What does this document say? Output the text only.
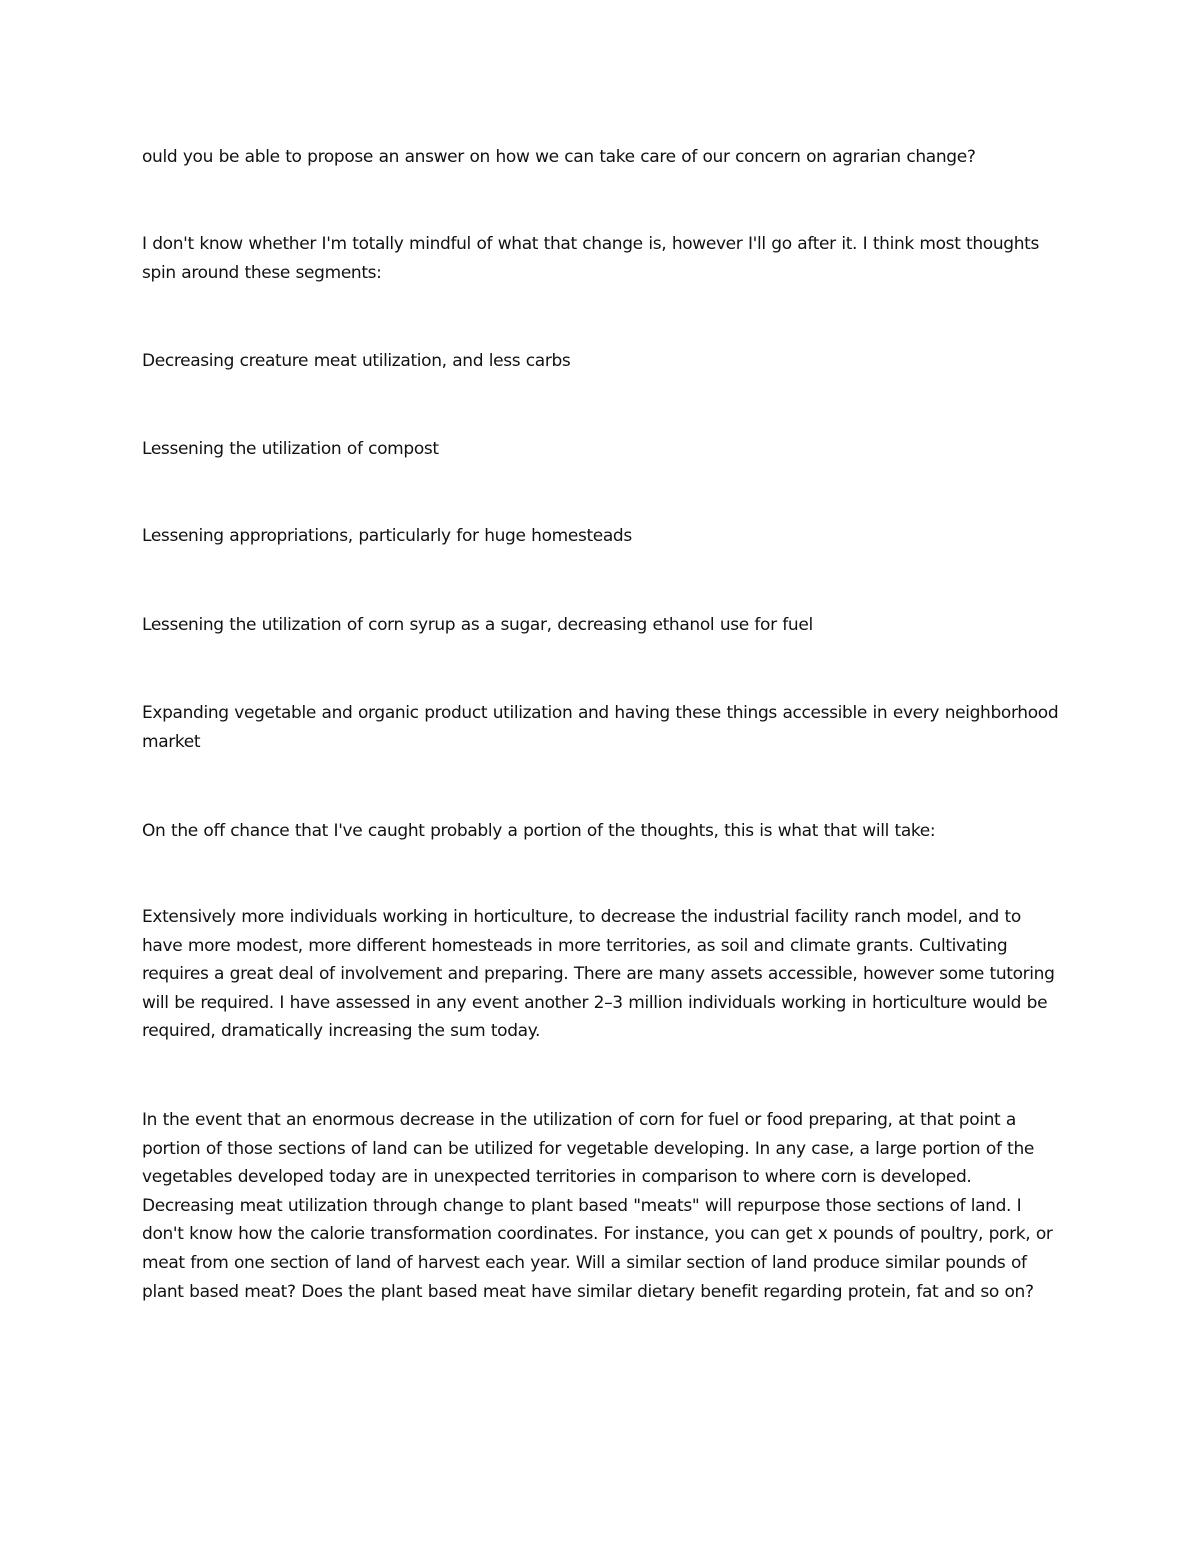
ould you be able to propose an answer on how we can take care of our concern on agrarian change?

I don't know whether I'm totally mindful of what that change is, however I'll go after it. I think most thoughts spin around these segments:

Decreasing creature meat utilization, and less carbs

Lessening the utilization of compost

Lessening appropriations, particularly for huge homesteads

Lessening the utilization of corn syrup as a sugar, decreasing ethanol use for fuel

Expanding vegetable and organic product utilization and having these things accessible in every neighborhood market

On the off chance that I've caught probably a portion of the thoughts, this is what that will take:

Extensively more individuals working in horticulture, to decrease the industrial facility ranch model, and to have more modest, more different homesteads in more territories, as soil and climate grants. Cultivating requires a great deal of involvement and preparing. There are many assets accessible, however some tutoring will be required. I have assessed in any event another 2–3 million individuals working in horticulture would be required, dramatically increasing the sum today.

In the event that an enormous decrease in the utilization of corn for fuel or food preparing, at that point a portion of those sections of land can be utilized for vegetable developing. In any case, a large portion of the vegetables developed today are in unexpected territories in comparison to where corn is developed. Decreasing meat utilization through change to plant based "meats" will repurpose those sections of land. I don't know how the calorie transformation coordinates. For instance, you can get x pounds of poultry, pork, or meat from one section of land of harvest each year. Will a similar section of land produce similar pounds of plant based meat? Does the plant based meat have similar dietary benefit regarding protein, fat and so on?
